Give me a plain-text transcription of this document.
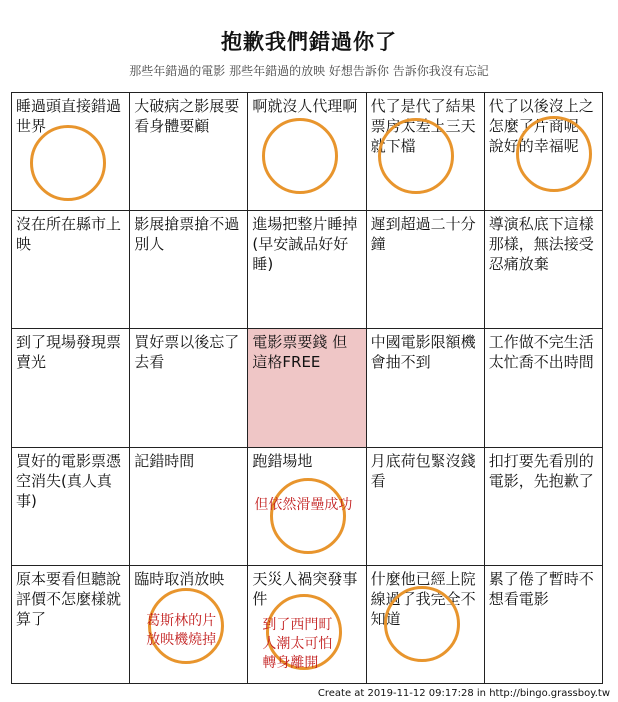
抱歉我們錯過你了
那些年錯過的電影 那些年錯過的放映 好想告訴你 告訴你我沒有忘記
睡過頭直接錯過世界
大破病之影展要看身體要顧
啊就沒人代理啊 代了是代了結果票房太差上三天就下檔
代了以後沒上之 怎麼了片商呢 說好的幸福呢
沒在所在縣市上映
影展搶票搶不過別人
進場把整片睡掉(早安誠品好好睡)
遲到超過二十分鐘
導演私底下這樣那樣，無法接受忍痛放棄
到了現場發現票賣光
買好票以後忘了去看
電影票要錢 但這格FREE
中國電影限額機會抽不到
工作做不完生活太忙喬不出時間
買好的電影票憑空消失(真人真事)
記錯時間	跑錯場地
但依然滑壘成功
月底荷包緊沒錢看
扣打要先看別的電影，先抱歉了
原本要看但聽說評價不怎麼樣就算了
臨時取消放映
葛斯林的片
放映機燒掉
天災人禍突發事件
到了西門町
人潮太可怕
轉身離開
什麼他已經上院線過了我完全不知道
累了倦了暫時不想看電影
Create at 2019-11-12 09:17:28 in http://bingo.grassboy.tw
